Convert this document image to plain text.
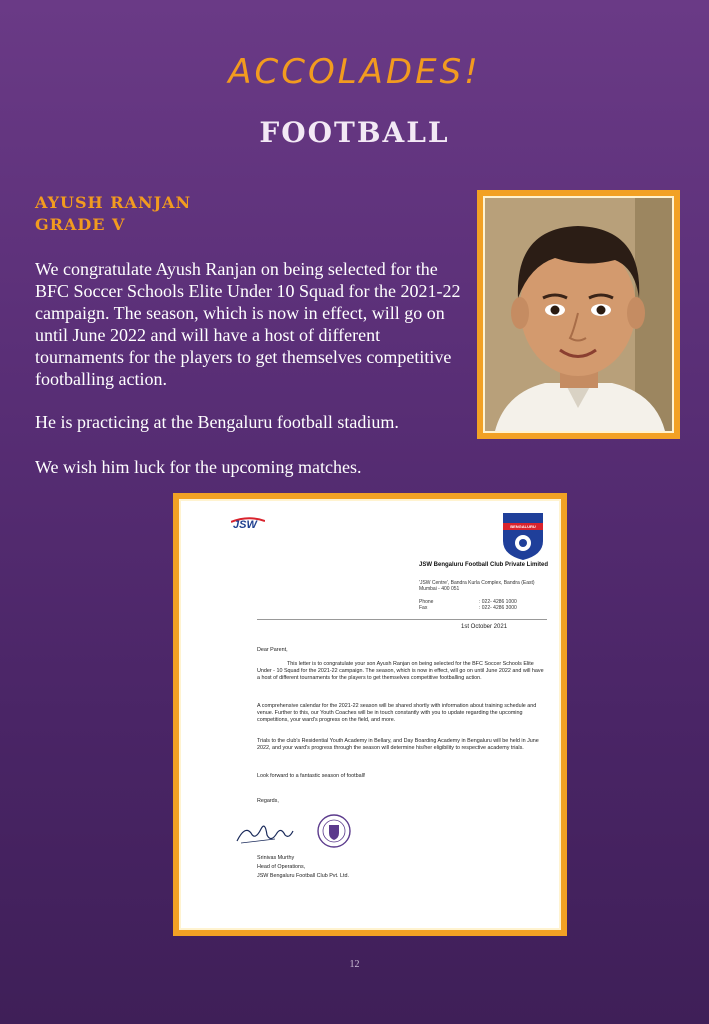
ACCOLADES!
FOOTBALL
AYUSH RANJAN
GRADE V
We congratulate Ayush Ranjan on being selected for the BFC Soccer Schools Elite Under 10 Squad for the 2021-22 campaign. The season, which is now in effect, will go on until June 2022 and will have a host of different tournaments for the players to get themselves competitive footballing action.
He is practicing at the Bengaluru football stadium.
We wish him luck for the upcoming matches.
JSW	BENGALURU
JSW Bengaluru Football Club Private Limited
'JSW Centre', Bandra Kurla Complex, Bandra (East) Mumbai - 400 051
Phone	: 022- 4286 1000
Fax	: 022- 4286 3000
1st October 2021
Dear Parent,
This letter is to congratulate your son Ayush Ranjan on being selected for the BFC Soccer Schools Elite Under - 10 Squad for the 2021-22 campaign. The season, which is now in effect, will go on until June 2022 and will have a host of different tournaments for the players to get themselves competitive footballing action.
A comprehensive calendar for the 2021-22 season will be shared shortly with information about training schedule and venue. Further to this, our Youth Coaches will be in touch constantly with you to update regarding the upcoming competitions, your ward's progress on the field, and more.
Trials to the club's Residential Youth Academy in Bellary, and Day Boarding Academy in Bengaluru will be held in June 2022, and your ward's progress through the season will determine his/her eligibility to respective academy trials.
Look forward to a fantastic season of football!
Regards,
Srinivas Murthy
Head of Operations,
JSW Bengaluru Football Club Pvt. Ltd.
12
